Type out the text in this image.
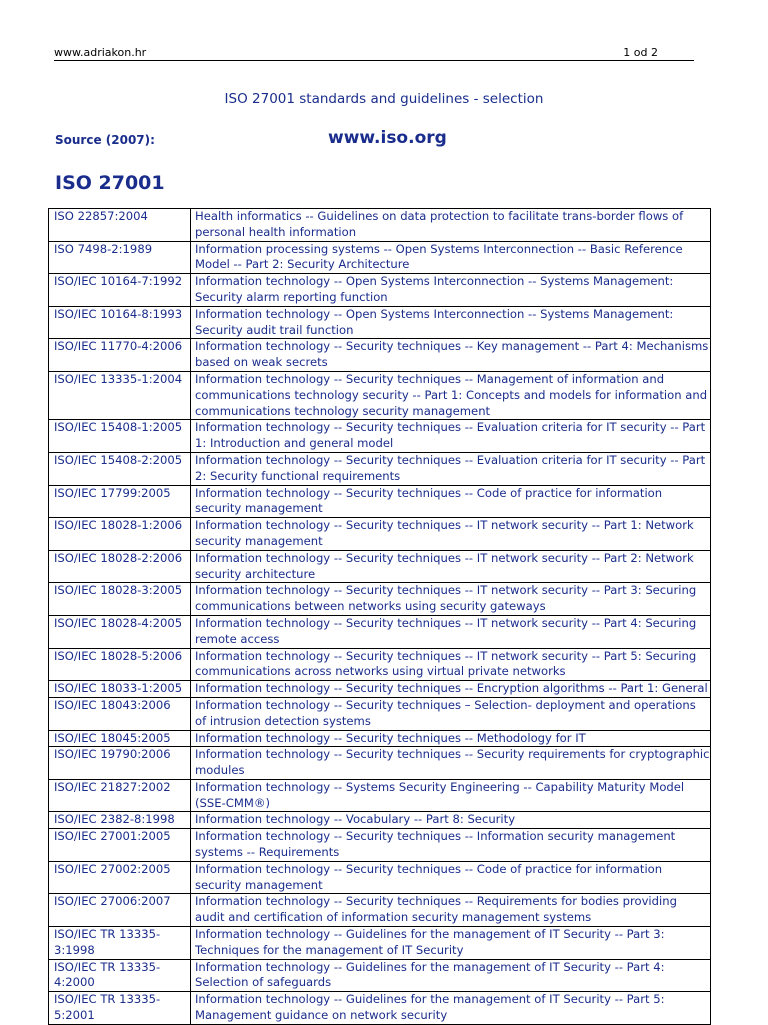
www.adriakon.hr	1 od 2
ISO 27001 standards and guidelines - selection
Source (2007):	www.iso.org
ISO 27001
ISO 22857:2004	Health informatics -- Guidelines on data protection to facilitate trans-border flows of personal health information
ISO 7498-2:1989	Information processing systems -- Open Systems Interconnection -- Basic Reference Model -- Part 2: Security Architecture
ISO/IEC 10164-7:1992	Information technology -- Open Systems Interconnection -- Systems Management: Security alarm reporting function
ISO/IEC 10164-8:1993	Information technology -- Open Systems Interconnection -- Systems Management: Security audit trail function
ISO/IEC 11770-4:2006	Information technology -- Security techniques -- Key management -- Part 4: Mechanisms based on weak secrets
ISO/IEC 13335-1:2004	Information technology -- Security techniques -- Management of information and communications technology security -- Part 1: Concepts and models for information and communications technology security management
ISO/IEC 15408-1:2005	Information technology -- Security techniques -- Evaluation criteria for IT security -- Part 1: Introduction and general model
ISO/IEC 15408-2:2005	Information technology -- Security techniques -- Evaluation criteria for IT security -- Part 2: Security functional requirements
ISO/IEC 17799:2005	Information technology -- Security techniques -- Code of practice for information security management
ISO/IEC 18028-1:2006	Information technology -- Security techniques -- IT network security -- Part 1: Network security management
ISO/IEC 18028-2:2006	Information technology -- Security techniques -- IT network security -- Part 2: Network security architecture
ISO/IEC 18028-3:2005	Information technology -- Security techniques -- IT network security -- Part 3: Securing communications between networks using security gateways
ISO/IEC 18028-4:2005	Information technology -- Security techniques -- IT network security -- Part 4: Securing remote access
ISO/IEC 18028-5:2006	Information technology -- Security techniques -- IT network security -- Part 5: Securing communications across networks using virtual private networks
ISO/IEC 18033-1:2005	Information technology -- Security techniques -- Encryption algorithms -- Part 1: General
ISO/IEC 18043:2006	Information technology -- Security techniques – Selection- deployment and operations of intrusion detection systems
ISO/IEC 18045:2005	Information technology -- Security techniques -- Methodology for IT
ISO/IEC 19790:2006	Information technology -- Security techniques -- Security requirements for cryptographic modules
ISO/IEC 21827:2002	Information technology -- Systems Security Engineering -- Capability Maturity Model (SSE-CMM®)
ISO/IEC 2382-8:1998	Information technology -- Vocabulary -- Part 8: Security
ISO/IEC 27001:2005	Information technology -- Security techniques -- Information security management systems -- Requirements
ISO/IEC 27002:2005	Information technology -- Security techniques -- Code of practice for information security management
ISO/IEC 27006:2007	Information technology -- Security techniques -- Requirements for bodies providing audit and certification of information security management systems
ISO/IEC TR 13335-3:1998	Information technology -- Guidelines for the management of IT Security -- Part 3: Techniques for the management of IT Security
ISO/IEC TR 13335-4:2000	Information technology -- Guidelines for the management of IT Security -- Part 4: Selection of safeguards
ISO/IEC TR 13335-5:2001	Information technology -- Guidelines for the management of IT Security -- Part 5: Management guidance on network security
